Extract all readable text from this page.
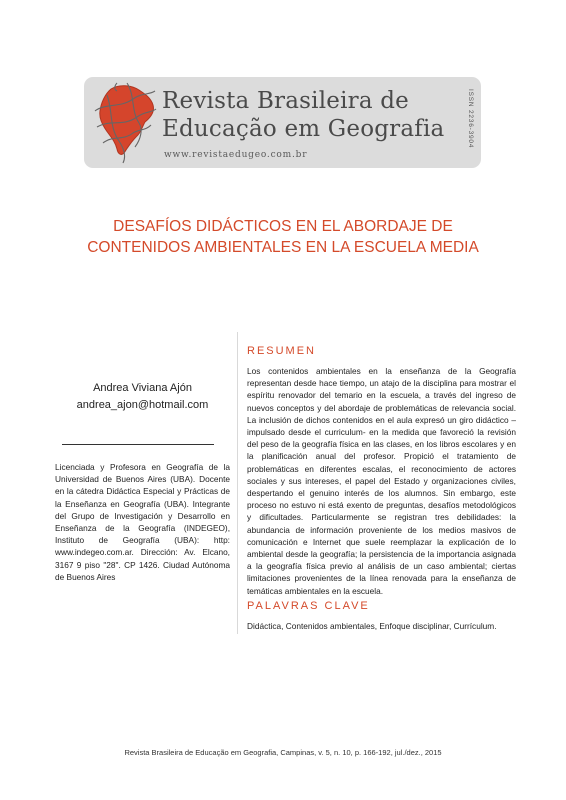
Revista Brasileira de
Educação em Geografia
www.revistaedugeo.com.br
ISSN 2236-3904
DESAFÍOS DIDÁCTICOS EN EL ABORDAJE DE
CONTENIDOS AMBIENTALES EN LA ESCUELA MEDIA
Andrea Viviana Ajón
andrea_ajon@hotmail.com
Licenciada y Profesora en Geografía de la Universidad de Buenos Aires (UBA). Docente en la cátedra Didáctica Especial y Prácticas de la Enseñanza en Geografía (UBA). Integrante del Grupo de Investigación y Desarrollo en Enseñanza de la Geografía (INDEGEO), Instituto de Geografía (UBA): http: www.indegeo.com.ar. Dirección: Av. Elcano, 3167 9 piso "28". CP 1426. Ciudad Autónoma de Buenos Aires
RESUMEN
Los contenidos ambientales en la enseñanza de la Geografía representan desde hace tiempo, un atajo de la disciplina para mostrar el espíritu renovador del temario en la escuela, a través del ingreso de nuevos conceptos y del abordaje de problemáticas de relevancia social. La inclusión de dichos contenidos en el aula expresó un giro didáctico – impulsado desde el curriculum- en la medida que favoreció la revisión del peso de la geografía física en las clases, en los libros escolares y en la planificación anual del profesor. Propició el tratamiento de problemáticas en diferentes escalas, el reconocimiento de actores sociales y sus intereses, el papel del Estado y organizaciones civiles, despertando el genuino interés de los alumnos. Sin embargo, este proceso no estuvo ni está exento de preguntas, desafíos metodológicos y dificultades. Particularmente se registran tres debilidades: la abundancia de información proveniente de los medios masivos de comunicación e Internet que suele reemplazar la explicación de lo ambiental desde la geografía; la persistencia de la importancia asignada a la geografía física previo al análisis de un caso ambiental; ciertas limitaciones provenientes de la línea renovada para la enseñanza de temáticas ambientales en la escuela.
PALAVRAS CLAVE
Didáctica, Contenidos ambientales, Enfoque disciplinar, Currículum.
Revista Brasileira de Educação em Geografia, Campinas, v. 5, n. 10, p. 166-192, jul./dez., 2015
